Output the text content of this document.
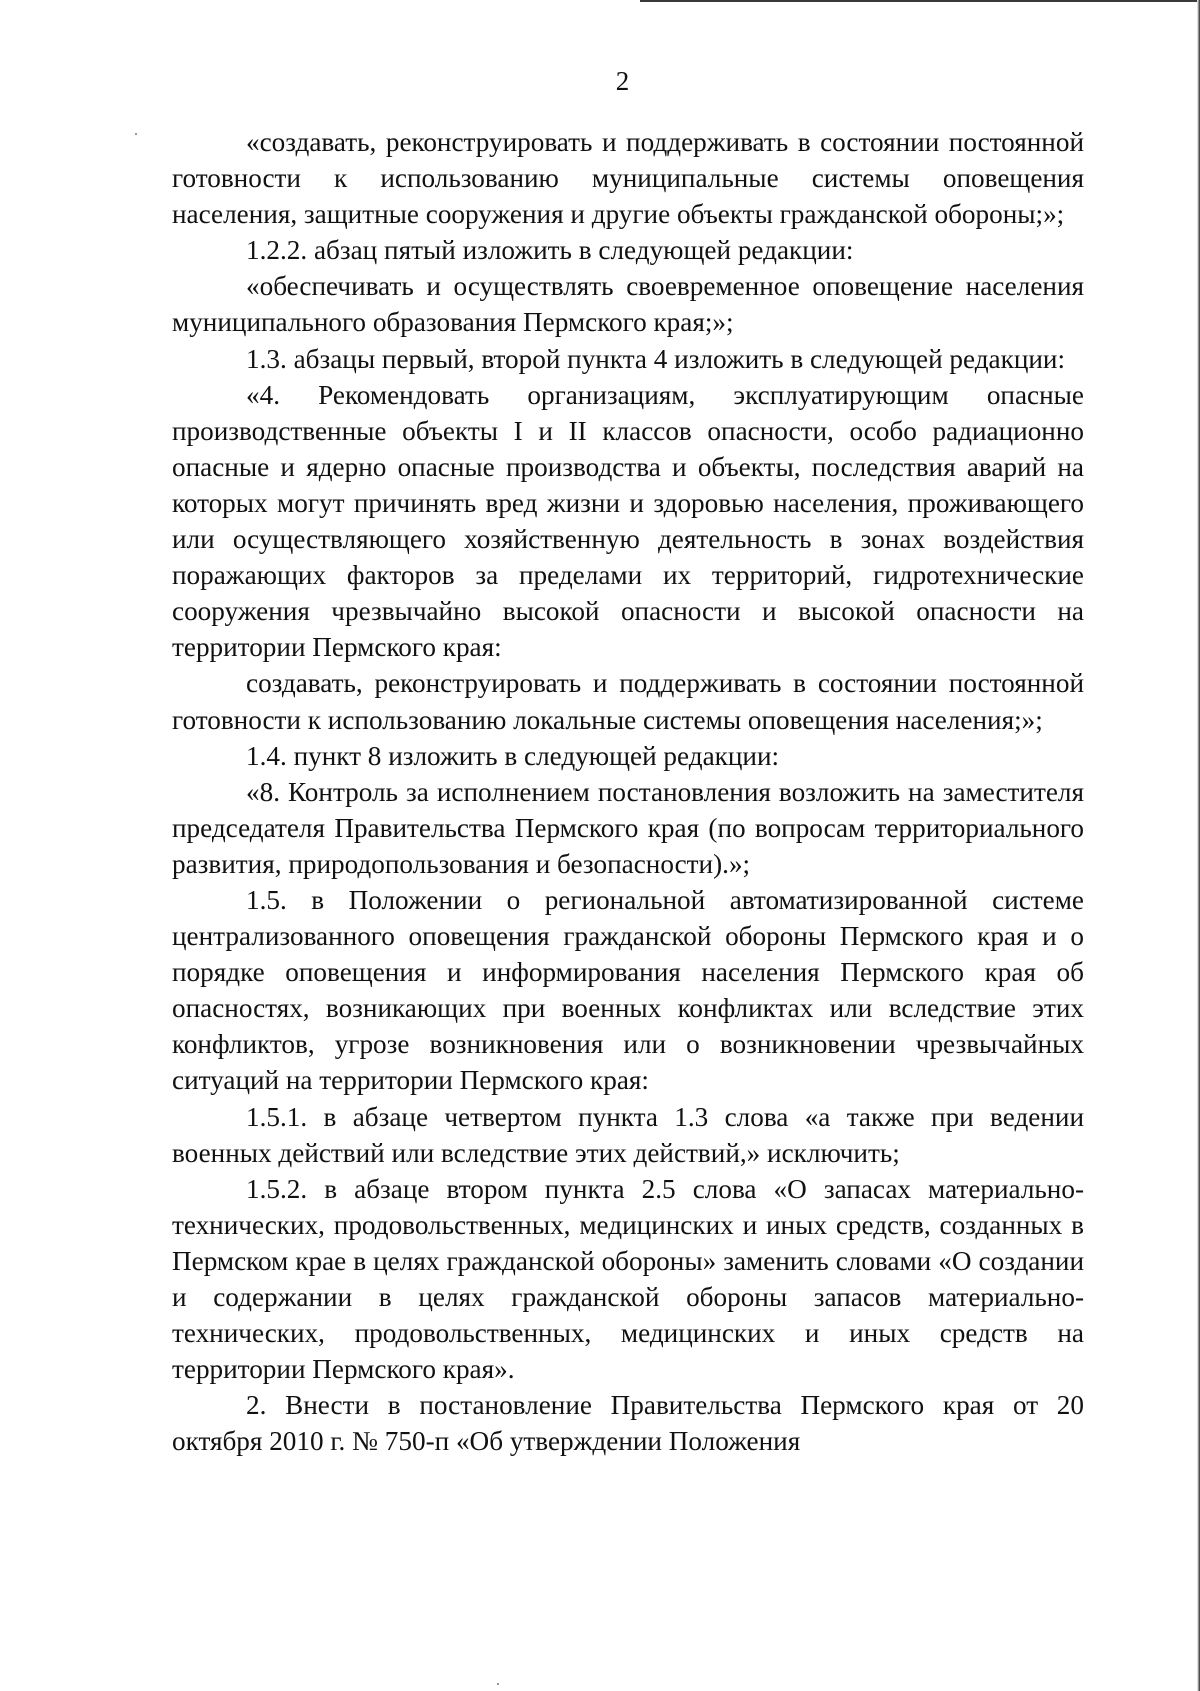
2

«создавать, реконструировать и поддерживать в состоянии постоянной готовности к использованию муниципальные системы оповещения населения, защитные сооружения и другие объекты гражданской обороны;»;

1.2.2. абзац пятый изложить в следующей редакции:

«обеспечивать и осуществлять своевременное оповещение населения муниципального образования Пермского края;»;

1.3. абзацы первый, второй пункта 4 изложить в следующей редакции:

«4. Рекомендовать организациям, эксплуатирующим опасные производственные объекты I и II классов опасности, особо радиационно опасные и ядерно опасные производства и объекты, последствия аварий на которых могут причинять вред жизни и здоровью населения, проживающего или осуществляющего хозяйственную деятельность в зонах воздействия поражающих факторов за пределами их территорий, гидротехнические сооружения чрезвычайно высокой опасности и высокой опасности на территории Пермского края:

создавать, реконструировать и поддерживать в состоянии постоянной готовности к использованию локальные системы оповещения населения;»;

1.4. пункт 8 изложить в следующей редакции:

«8. Контроль за исполнением постановления возложить на заместителя председателя Правительства Пермского края (по вопросам территориального развития, природопользования и безопасности).»;

1.5. в Положении о региональной автоматизированной системе централизованного оповещения гражданской обороны Пермского края и о порядке оповещения и информирования населения Пермского края об опасностях, возникающих при военных конфликтах или вследствие этих конфликтов, угрозе возникновения или о возникновении чрезвычайных ситуаций на территории Пермского края:

1.5.1. в абзаце четвертом пункта 1.3 слова «а также при ведении военных действий или вследствие этих действий,» исключить;

1.5.2. в абзаце втором пункта 2.5 слова «О запасах материально-технических, продовольственных, медицинских и иных средств, созданных в Пермском крае в целях гражданской обороны» заменить словами «О создании и содержании в целях гражданской обороны запасов материально-технических, продовольственных, медицинских и иных средств на территории Пермского края».

2. Внести в постановление Правительства Пермского края от 20 октября 2010 г. № 750-п «Об утверждении Положения
